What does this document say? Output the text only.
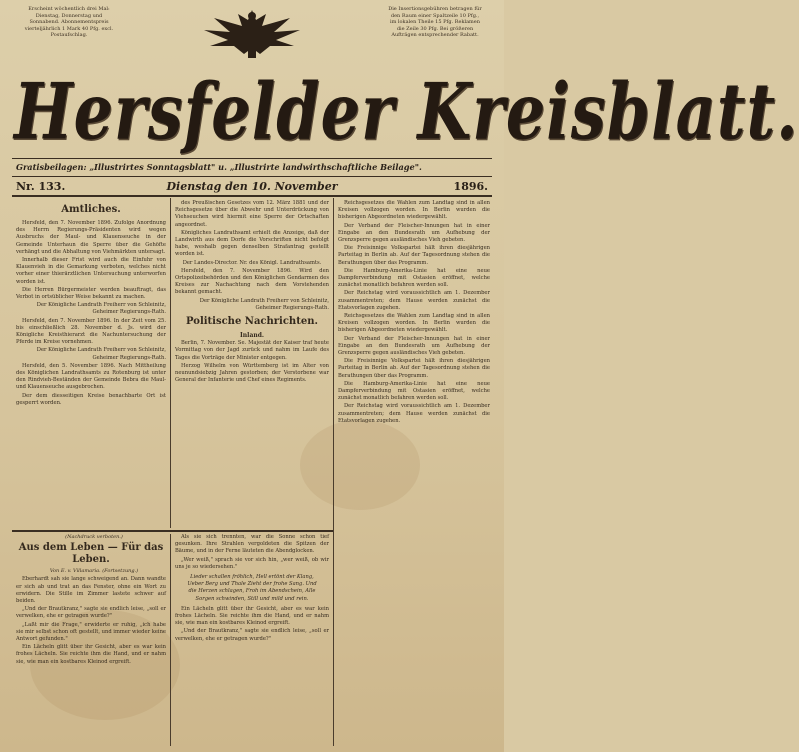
Erscheint wöchentlich drei Mal: Dienstag, Donnerstag und Sonnabend. Abonnementspreis vierteljährlich 1 Mark 40 Pfg. excl. Postaufschlag.
Die Insertionsgebühren betragen für den Raum einer Spaltzeile 10 Pfg., im lokalen Theile 15 Pfg. Reklamen die Zeile 30 Pfg. Bei größeren Aufträgen entsprechender Rabatt.
Hersfelder Kreisblatt.
Gratisbeilagen: „Illustrirtes Sonntagsblatt" u. „Illustrirte landwirthschaftliche Beilage".
Dienstag den 10. November
Nr. 133.	1896.
Amtliches.

Hersfeld, den 7. November 1896. Zufolge Anordnung des Herrn Regierungs-Präsidenten wird wegen Ausbruchs der Maul- und Klauenseuche in der Gemeinde Unterhaun die Sperre über die Gehöfte verhängt und die Abhaltung von Viehmärkten untersagt.

Innerhalb dieser Frist wird auch die Einfuhr von Klauenvieh in die Gemarkung verboten, welches nicht vorher einer thierärztlichen Untersuchung unterworfen worden ist.

Die Herren Bürgermeister werden beauftragt, das Verbot in ortsüblicher Weise bekannt zu machen.

Der Königliche Landrath Freiherr von Schleinitz, Geheimer Regierungs-Rath.

Hersfeld, den 7. November 1896. In der Zeit vom 25. bis einschließlich 28. November d. Js. wird der Königliche Kreisthierarzt die Nachuntersuchung der Pferde im Kreise vornehmen.

Der Königliche Landrath Freiherr von Schleinitz, Geheimer Regierungs-Rath.

Hersfeld, den 5. November 1896. Nach Mittheilung des Königlichen Landrathsamts zu Rotenburg ist unter den Rindvieh-Beständen der Gemeinde Bebra die Maul- und Klauenseuche ausgebrochen.

Der dem diesseitigen Kreise benachbarte Ort ist gesperrt worden.

des Preußischen Gesetzes vom 12. März 1881 und der Reichsgesetze über die Abwehr und Unterdrückung von Viehseuchen wird hiermit eine Sperre der Ortschaften angeordnet.

Königliches Landrathsamt erhielt die Anzeige, daß der Landwirth aus dem Dorfe die Vorschriften nicht befolgt habe, weshalb gegen denselben Strafantrag gestellt worden ist.

Der Landes-Director. Nr. des Königl. Landrathsamts.

Hersfeld, den 7. November 1896. Wird den Ortspolizeibehörden und den Königlichen Gendarmen des Kreises zur Nachachtung nach dem Vorstehenden bekannt gemacht.

Der Königliche Landrath Freiherr von Schleinitz, Geheimer Regierungs-Rath.

Politische Nachrichten.

Inland.

Berlin, 7. November. Se. Majestät der Kaiser traf heute Vormittag von der Jagd zurück und nahm im Laufe des Tages die Vorträge der Minister entgegen.

Herzog Wilhelm von Württemberg ist im Alter von neunundsiebzig Jahren gestorben; der Verstorbene war General der Infanterie und Chef eines Regiments.

Reichsgesetzes die Wahlen zum Landtag sind in allen Kreisen vollzogen worden. In Berlin wurden die bisherigen Abgeordneten wiedergewählt.

Der Verband der Fleischer-Innungen hat in einer Eingabe an den Bundesrath um Aufhebung der Grenzsperre gegen ausländisches Vieh gebeten.

Die Freisinnige Volkspartei hält ihren diesjährigen Parteitag in Berlin ab. Auf der Tagesordnung stehen die Berathungen über das Programm.

Die Hamburg-Amerika-Linie hat eine neue Dampferverbindung mit Ostasien eröffnet, welche zunächst monatlich befahren werden soll.

Der Reichstag wird voraussichtlich am 1. Dezember zusammentreten; dem Hause werden zunächst die Etatsvorlagen zugehen.

Reichsgesetzes die Wahlen zum Landtag sind in allen Kreisen vollzogen worden. In Berlin wurden die bisherigen Abgeordneten wiedergewählt.

Der Verband der Fleischer-Innungen hat in einer Eingabe an den Bundesrath um Aufhebung der Grenzsperre gegen ausländisches Vieh gebeten.

Die Freisinnige Volkspartei hält ihren diesjährigen Parteitag in Berlin ab. Auf der Tagesordnung stehen die Berathungen über das Programm.

Die Hamburg-Amerika-Linie hat eine neue Dampferverbindung mit Ostasien eröffnet, welche zunächst monatlich befahren werden soll.

Der Reichstag wird voraussichtlich am 1. Dezember zusammentreten; dem Hause werden zunächst die Etatsvorlagen zugehen.

(Nachdruck verboten.)

Aus dem Leben — Für das Leben.

Von E. v. Villamaria. (Fortsetzung.)

Eberhardt sah sie lange schweigend an. Dann wandte er sich ab und trat an das Fenster, ohne ein Wort zu erwidern. Die Stille im Zimmer lastete schwer auf beiden.

„Und der Brautkranz," sagte sie endlich leise, „soll er verwelken, ehe er getragen wurde?"

„Laßt mir die Frage," erwiderte er ruhig, „ich habe sie mir selbst schon oft gestellt, und immer wieder keine Antwort gefunden."

Ein Lächeln glitt über ihr Gesicht, aber es war kein frohes Lächeln. Sie reichte ihm die Hand, und er nahm sie, wie man ein kostbares Kleinod ergreift.

Als sie sich trennten, war die Sonne schon tief gesunken. Ihre Strahlen vergoldeten die Spitzen der Bäume, und in der Ferne läuteten die Abendglocken.

„Wer weiß," sprach sie vor sich hin, „wer weiß, ob wir uns je so wiedersehen."

Lieder schallen fröhlich, Hell ertönt der Klang, Ueber Berg und Thale Zieht der frohe Sang. Und die Herzen schlagen, Froh im Abendschein, Alle Sorgen schwinden, Still und mild und rein.

Ein Lächeln glitt über ihr Gesicht, aber es war kein frohes Lächeln. Sie reichte ihm die Hand, und er nahm sie, wie man ein kostbares Kleinod ergreift.

„Und der Brautkranz," sagte sie endlich leise, „soll er verwelken, ehe er getragen wurde?"
